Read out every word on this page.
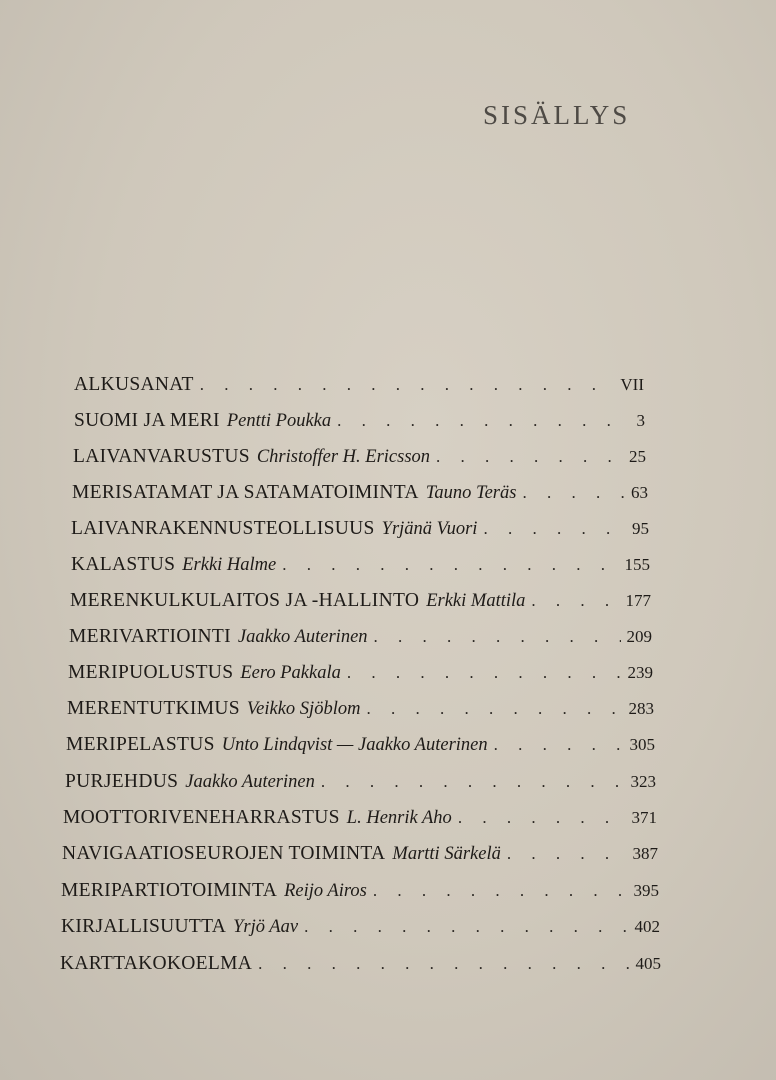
SISÄLLYS
ALKUSANAT . . .	VII
SUOMI JA MERI Pentti Poukka . . .	3
LAIVANVARUSTUS Christoffer H. Ericsson . . .	25
MERISATAMAT JA SATAMATOIMINTA Tauno Teräs . . .	63
LAIVANRAKENNUSTEOLLISUUS Yrjänä Vuori . . .	95
KALASTUS Erkki Halme . . .	155
MERENKULKULAITOS JA -HALLINTO Erkki Mattila . . .	177
MERIVARTIOINTI Jaakko Auterinen . . .	209
MERIPUOLUSTUS Eero Pakkala . . .	239
MERENTUTKIMUS Veikko Sjöblom . . .	283
MERIPELASTUS Unto Lindqvist — Jaakko Auterinen . . .	305
PURJEHDUS Jaakko Auterinen . . .	323
MOOTTORIVENEHARRASTUS L. Henrik Aho . . .	371
NAVIGAATIOSEUROJEN TOIMINTA Martti Särkelä . . .	387
MERIPARTIOTOIMINTA Reijo Airos . . .	395
KIRJALLISUUTTA Yrjö Aav . . .	402
KARTTAKOKOELMA . . .	405
